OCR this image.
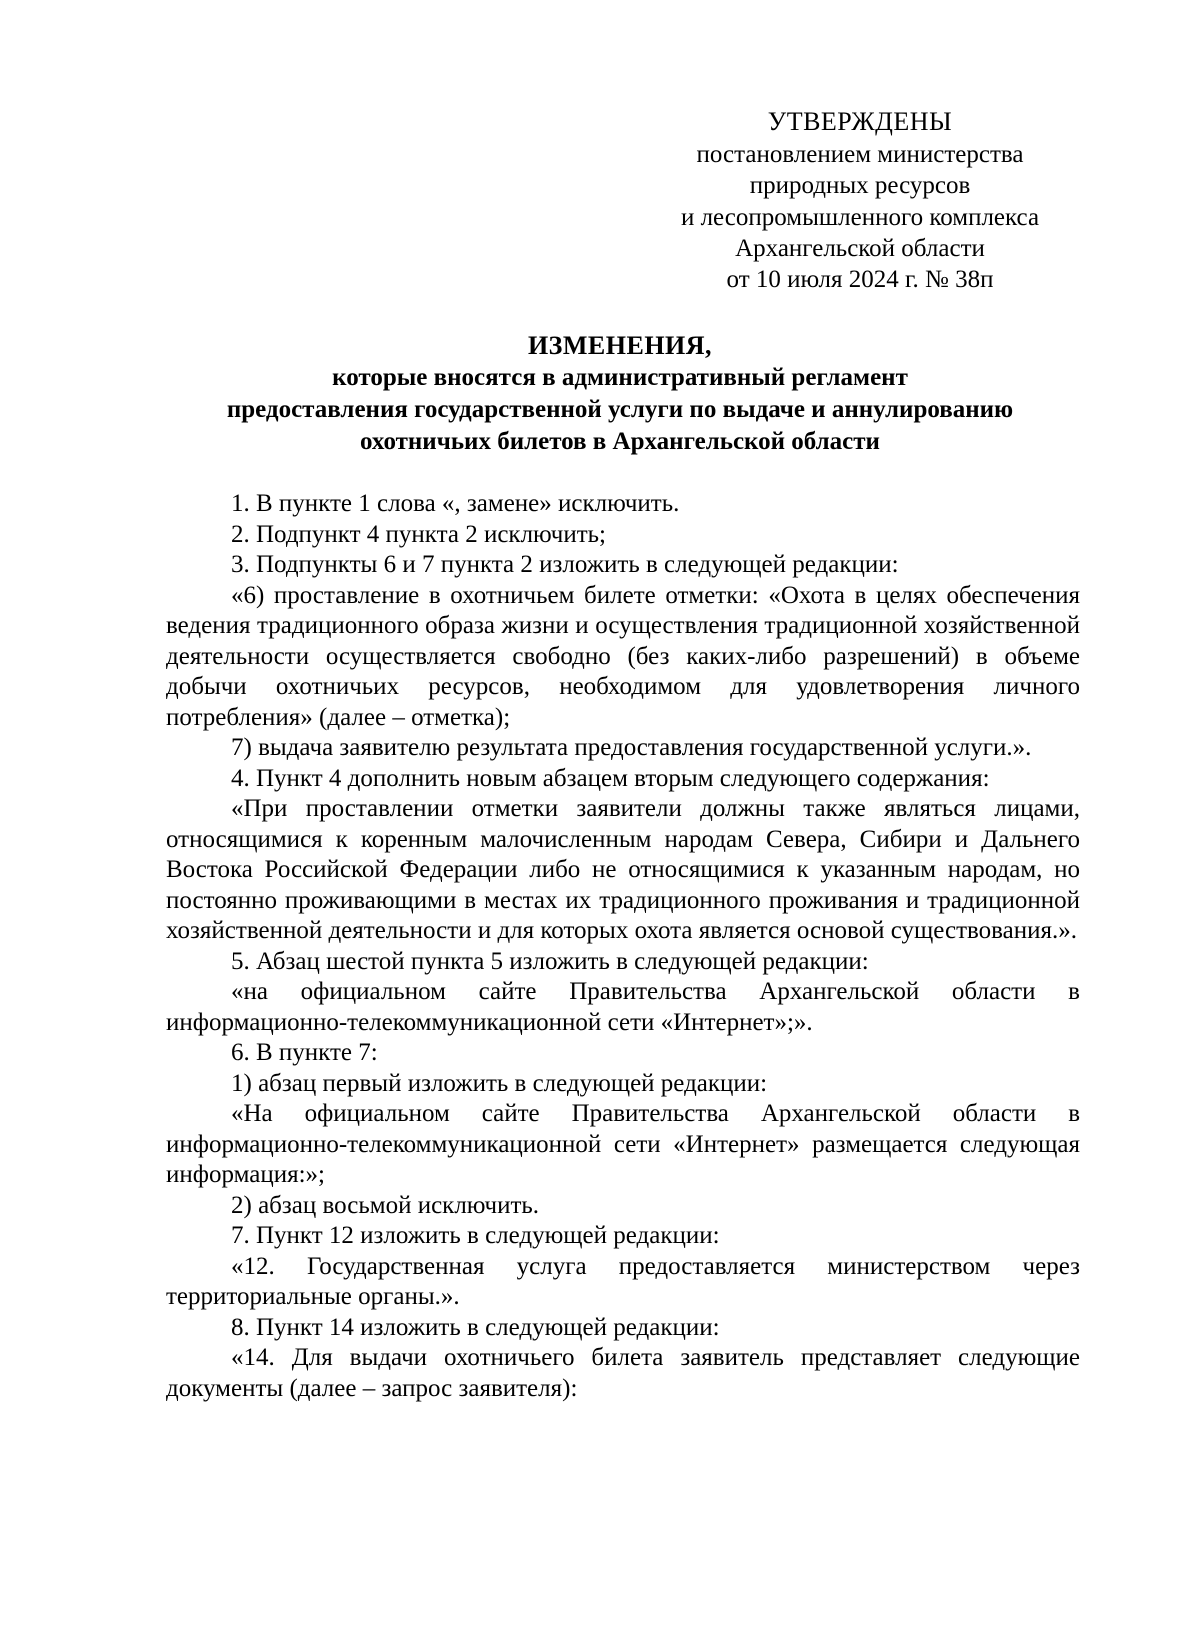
УТВЕРЖДЕНЫ
постановлением министерства
природных ресурсов
и лесопромышленного комплекса
Архангельской области
от 10 июля 2024 г. № 38п
ИЗМЕНЕНИЯ,
которые вносятся в административный регламент
предоставления государственной услуги по выдаче и аннулированию
охотничьих билетов в Архангельской области

1. В пункте 1 слова «, замене» исключить.

2. Подпункт 4 пункта 2 исключить;

3. Подпункты 6 и 7 пункта 2 изложить в следующей редакции:

«6) проставление в охотничьем билете отметки: «Охота в целях обеспечения ведения традиционного образа жизни и осуществления традиционной хозяйственной деятельности осуществляется свободно (без каких-либо разрешений) в объеме добычи охотничьих ресурсов, необходимом для удовлетворения личного потребления» (далее – отметка);

7) выдача заявителю результата предоставления государственной услуги.».

4. Пункт 4 дополнить новым абзацем вторым следующего содержания:

«При проставлении отметки заявители должны также являться лицами, относящимися к коренным малочисленным народам Севера, Сибири и Дальнего Востока Российской Федерации либо не относящимися к указанным народам, но постоянно проживающими в местах их традиционного проживания и традиционной хозяйственной деятельности и для которых охота является основой существования.».

5. Абзац шестой пункта 5 изложить в следующей редакции:

«на официальном сайте Правительства Архангельской области в информационно-телекоммуникационной сети «Интернет»;».

6. В пункте 7:

1) абзац первый изложить в следующей редакции:

«На официальном сайте Правительства Архангельской области в информационно-телекоммуникационной сети «Интернет» размещается следующая информация:»;

2) абзац восьмой исключить.

7. Пункт 12 изложить в следующей редакции:

«12. Государственная услуга предоставляется министерством через территориальные органы.».

8. Пункт 14 изложить в следующей редакции:

«14. Для выдачи охотничьего билета заявитель представляет следующие документы (далее – запрос заявителя):
